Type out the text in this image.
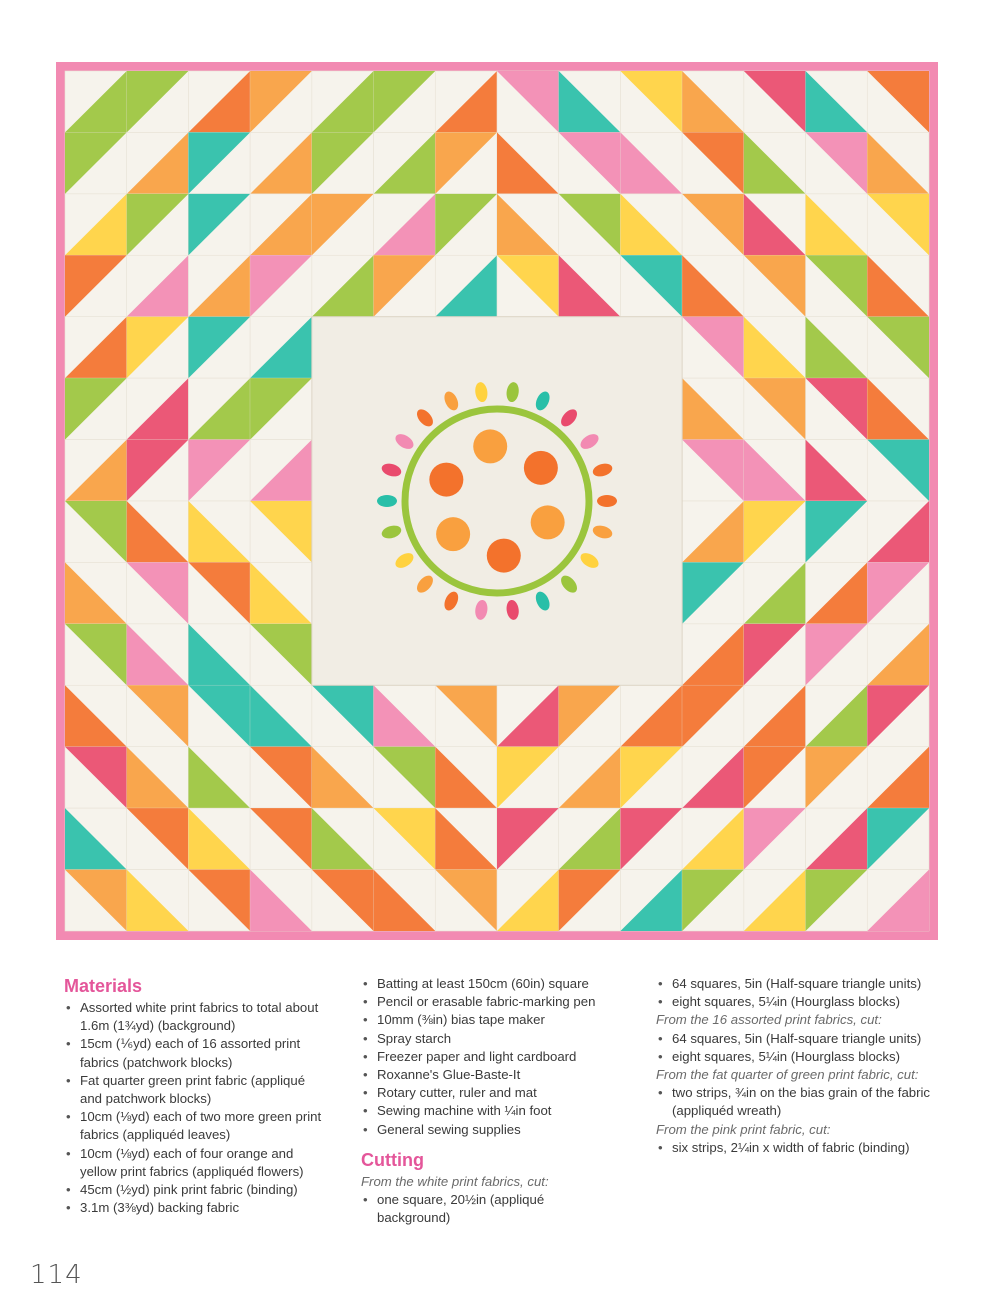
Materials
• Assorted white print fabrics to total about 1.6m (1¾yd) (background)
• 15cm (⅙yd) each of 16 assorted print fabrics (patchwork blocks)
• Fat quarter green print fabric (appliqué and patchwork blocks)
• 10cm (⅛yd) each of two more green print fabrics (appliquéd leaves)
• 10cm (⅛yd) each of four orange and yellow print fabrics (appliquéd flowers)
• 45cm (½yd) pink print fabric (binding)
• 3.1m (3⅜yd) backing fabric
• Batting at least 150cm (60in) square
• Pencil or erasable fabric-marking pen
• 10mm (⅜in) bias tape maker
• Spray starch
• Freezer paper and light cardboard
• Roxanne's Glue-Baste-It
• Rotary cutter, ruler and mat
• Sewing machine with ¼in foot
• General sewing supplies
Cutting
From the white print fabrics, cut:
• one square, 20½in (appliqué background)
• 64 squares, 5in (Half-square triangle units)
• eight squares, 5¼in (Hourglass blocks)
From the 16 assorted print fabrics, cut:
• 64 squares, 5in (Half-square triangle units)
• eight squares, 5¼in (Hourglass blocks)
From the fat quarter of green print fabric, cut:
• two strips, ¾in on the bias grain of the fabric (appliquéd wreath)
From the pink print fabric, cut:
• six strips, 2¼in x width of fabric (binding)
114
